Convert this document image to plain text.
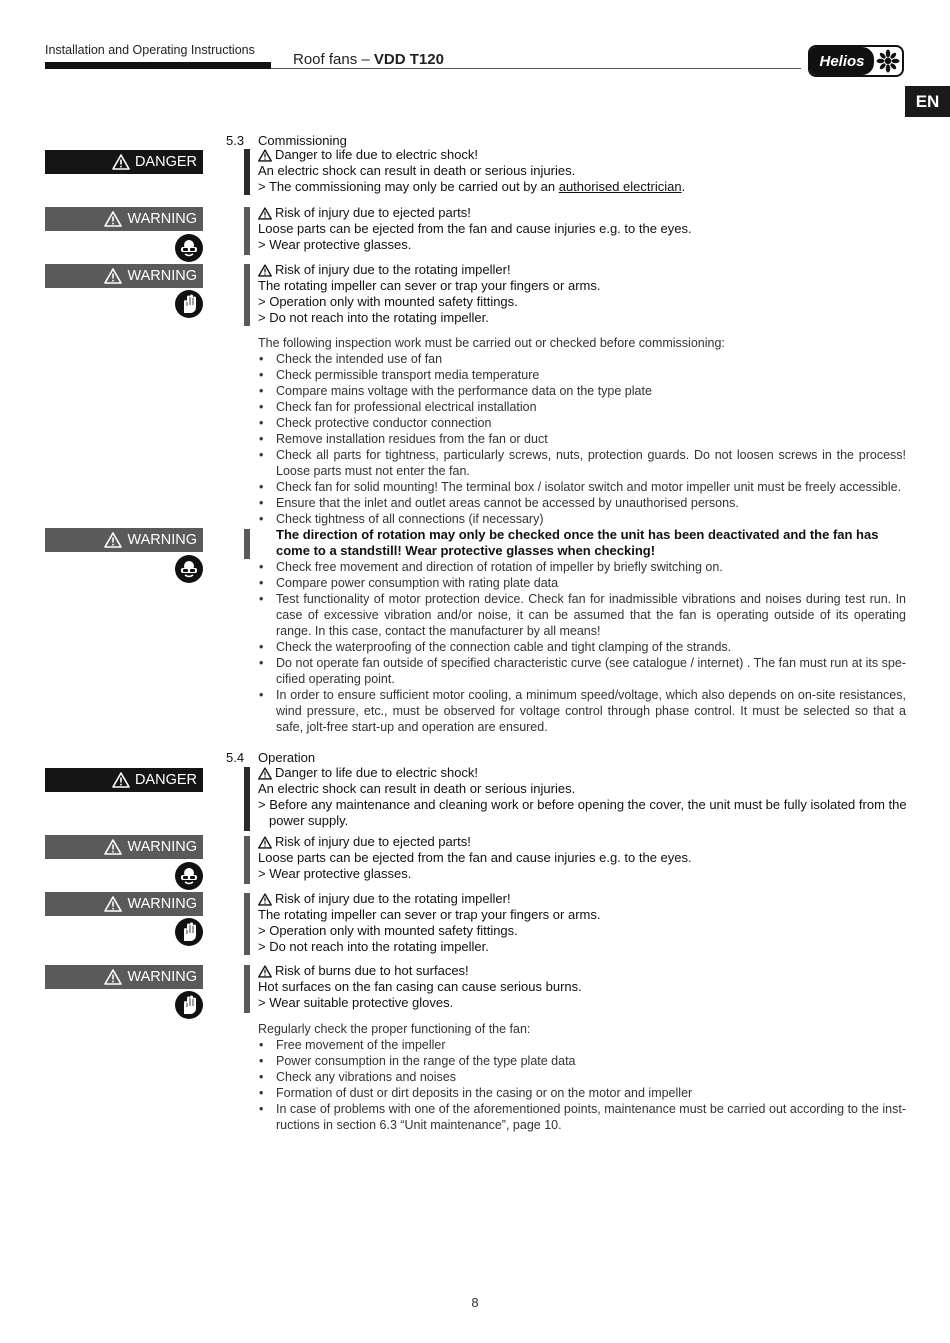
Installation and Operating Instructions
Roof fans – VDD T120	Helios
EN
5.3 Commissioning
DANGER	Danger to life due to electric shock!
An electric shock can result in death or serious injuries.
> The commissioning may only be carried out by an authorised electrician.
WARNING	Risk of injury due to ejected parts!
Loose parts can be ejected from the fan and cause injuries e.g. to the eyes.
> Wear protective glasses.
WARNING	Risk of injury due to the rotating impeller!
The rotating impeller can sever or trap your fingers or arms.
> Operation only with mounted safety fittings.
> Do not reach into the rotating impeller.
The following inspection work must be carried out or checked before commissioning:
• Check the intended use of fan
• Check permissible transport media temperature
• Compare mains voltage with the performance data on the type plate
• Check fan for professional electrical installation
• Check protective conductor connection
• Remove installation residues from the fan or duct
• Check all parts for tightness, particularly screws, nuts, protection guards. Do not loosen screws in the process! Loose parts must not enter the fan.
• Check fan for solid mounting! The terminal box / isolator switch and motor impeller unit must be freely accessible.
• Ensure that the inlet and outlet areas cannot be accessed by unauthorised persons.
• Check tightness of all connections (if necessary)
WARNING	The direction of rotation may only be checked once the unit has been deactivated and the fan has come to a standstill! Wear protective glasses when checking!
• Check free movement and direction of rotation of impeller by briefly switching on.
• Compare power consumption with rating plate data
• Test functionality of motor protection device. Check fan for inadmissible vibrations and noises during test run. In case of excessive vibration and/or noise, it can be assumed that the fan is operating outside of its operating range. In this case, contact the manufacturer by all means!
• Check the waterproofing of the connection cable and tight clamping of the strands.
• Do not operate fan outside of specified characteristic curve (see catalogue / internet) . The fan must run at its spe-cified operating point.
• In order to ensure sufficient motor cooling, a minimum speed/voltage, which also depends on on-site resistances, wind pressure, etc., must be observed for voltage control through phase control. It must be selected so that a safe, jolt-free start-up and operation are ensured.
5.4 Operation
DANGER	Danger to life due to electric shock!
An electric shock can result in death or serious injuries.
> Before any maintenance and cleaning work or before opening the cover, the unit must be fully isolated from the power supply.
WARNING	Risk of injury due to ejected parts!
Loose parts can be ejected from the fan and cause injuries e.g. to the eyes.
> Wear protective glasses.
WARNING	Risk of injury due to the rotating impeller!
The rotating impeller can sever or trap your fingers or arms.
> Operation only with mounted safety fittings.
> Do not reach into the rotating impeller.
WARNING	Risk of burns due to hot surfaces!
Hot surfaces on the fan casing can cause serious burns.
> Wear suitable protective gloves.
Regularly check the proper functioning of the fan:
• Free movement of the impeller
• Power consumption in the range of the type plate data
• Check any vibrations and noises
• Formation of dust or dirt deposits in the casing or on the motor and impeller
• In case of problems with one of the aforementioned points, maintenance must be carried out according to the inst-ructions in section 6.3 “Unit maintenance”, page 10.
8
